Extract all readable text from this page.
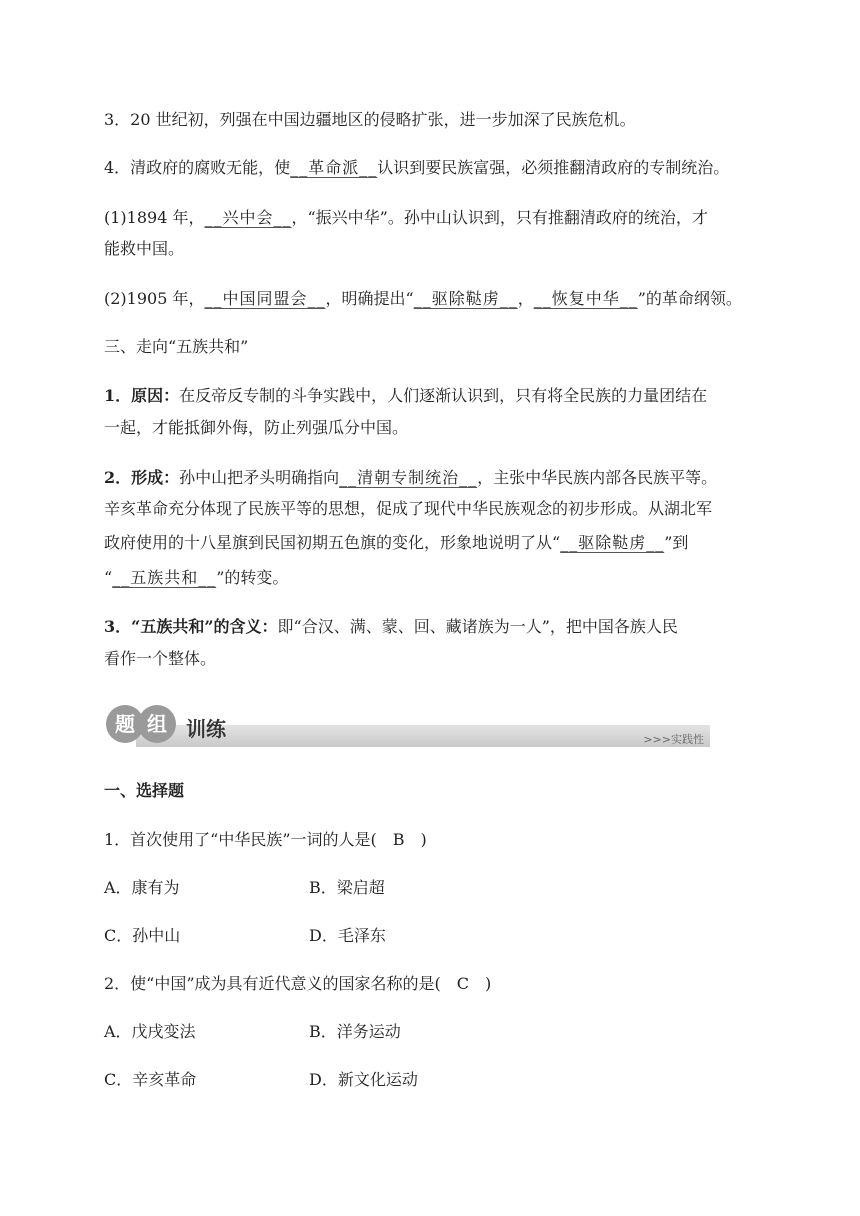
3．20 世纪初，列强在中国边疆地区的侵略扩张，进一步加深了民族危机。
4．清政府的腐败无能，使__革命派__认识到要民族富强，必须推翻清政府的专制统治。
(1)1894 年，__兴中会__，“振兴中华”。孙中山认识到，只有推翻清政府的统治，才
能救中国。
(2)1905 年，__中国同盟会__，明确提出“__驱除鞑虏__，__恢复中华__”的革命纲领。
三、走向“五族共和”
1．原因：在反帝反专制的斗争实践中，人们逐渐认识到，只有将全民族的力量团结在
一起，才能抵御外侮，防止列强瓜分中国。
2．形成：孙中山把矛头明确指向__清朝专制统治__，主张中华民族内部各民族平等。
辛亥革命充分体现了民族平等的思想，促成了现代中华民族观念的初步形成。从湖北军
政府使用的十八星旗到民国初期五色旗的变化，形象地说明了从“__驱除鞑虏__”到
“__五族共和__”的转变。
3．“五族共和”的含义：即“合汉、满、蒙、回、藏诸族为一人”，把中国各族人民
看作一个整体。
题 组 训练	>>>实践性
一、选择题
1．首次使用了“中华民族”一词的人是(　B　)
A．康有为	B．梁启超
C．孙中山	D．毛泽东
2．使“中国”成为具有近代意义的国家名称的是(　C　)
A．戊戌变法	B．洋务运动
C．辛亥革命	D．新文化运动
